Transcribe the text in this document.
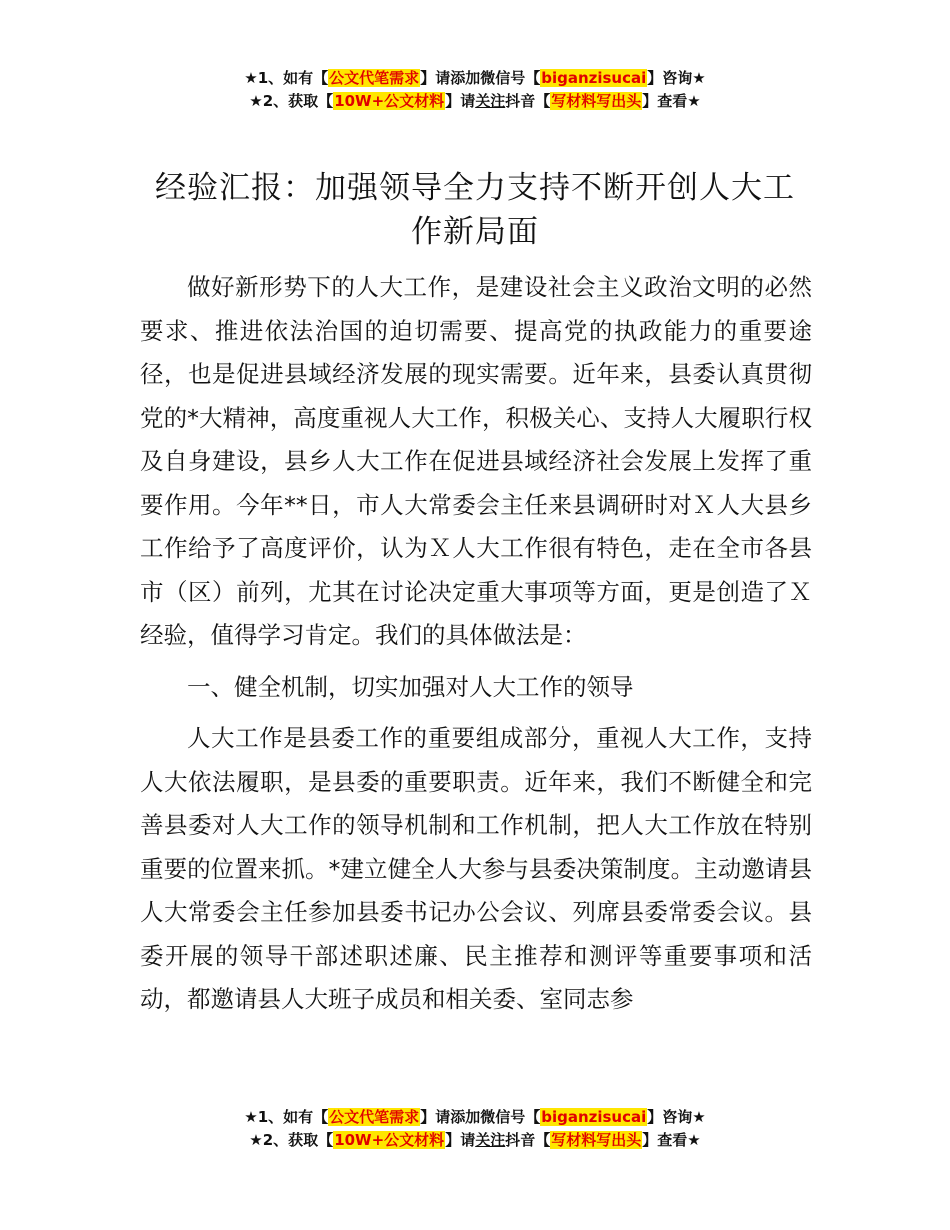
★1、如有【公文代笔需求】请添加微信号【biganzisucai】咨询★
★2、获取【10W+公文材料】请关注抖音【写材料写出头】查看★
经验汇报：加强领导全力支持不断开创人大工作新局面

做好新形势下的人大工作，是建设社会主义政治文明的必然要求、推进依法治国的迫切需要、提高党的执政能力的重要途径，也是促进县域经济发展的现实需要。近年来，县委认真贯彻党的*大精神，高度重视人大工作，积极关心、支持人大履职行权及自身建设，县乡人大工作在促进县域经济社会发展上发挥了重要作用。今年**日，市人大常委会主任来县调研时对Ｘ人大县乡工作给予了高度评价，认为Ｘ人大工作很有特色，走在全市各县市（区）前列，尤其在讨论决定重大事项等方面，更是创造了Ｘ经验，值得学习肯定。我们的具体做法是：

一、健全机制，切实加强对人大工作的领导

人大工作是县委工作的重要组成部分，重视人大工作，支持人大依法履职，是县委的重要职责。近年来，我们不断健全和完善县委对人大工作的领导机制和工作机制，把人大工作放在特别重要的位置来抓。*建立健全人大参与县委决策制度。主动邀请县人大常委会主任参加县委书记办公会议、列席县委常委会议。县委开展的领导干部述职述廉、民主推荐和测评等重要事项和活动，都邀请县人大班子成员和相关委、室同志参

★1、如有【公文代笔需求】请添加微信号【biganzisucai】咨询★
★2、获取【10W+公文材料】请关注抖音【写材料写出头】查看★
